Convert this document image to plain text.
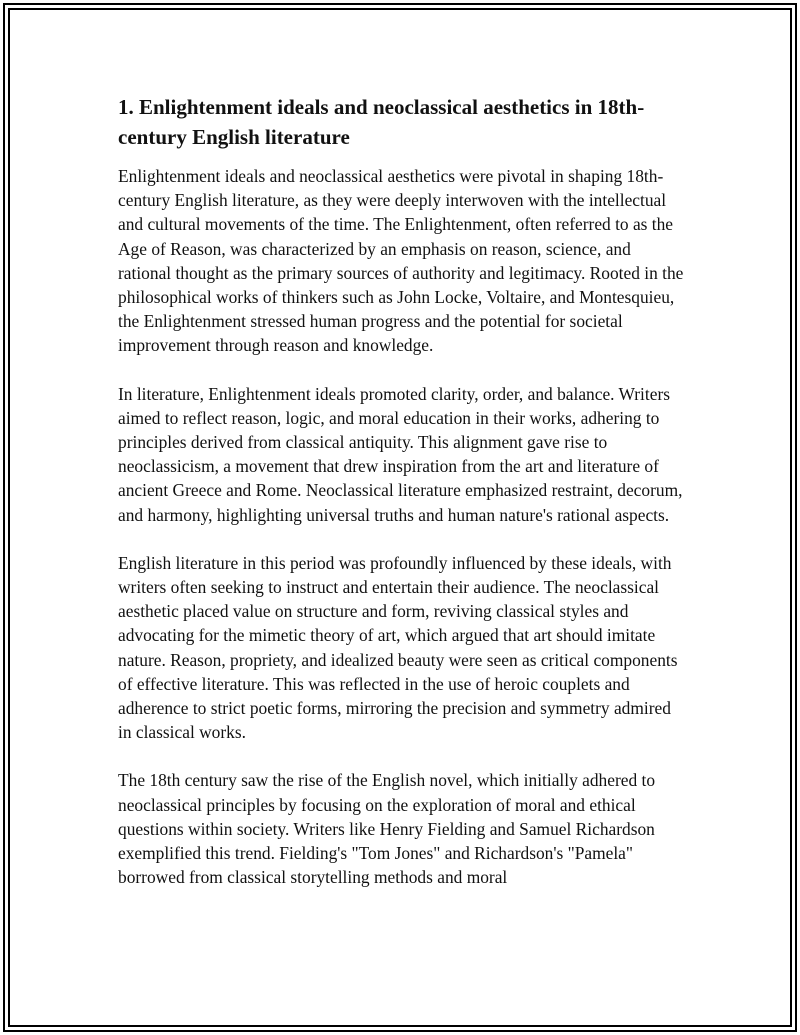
1. Enlightenment ideals and neoclassical aesthetics in 18th-century English literature

Enlightenment ideals and neoclassical aesthetics were pivotal in shaping 18th-century English literature, as they were deeply interwoven with the intellectual and cultural movements of the time. The Enlightenment, often referred to as the Age of Reason, was characterized by an emphasis on reason, science, and rational thought as the primary sources of authority and legitimacy. Rooted in the philosophical works of thinkers such as John Locke, Voltaire, and Montesquieu, the Enlightenment stressed human progress and the potential for societal improvement through reason and knowledge.

In literature, Enlightenment ideals promoted clarity, order, and balance. Writers aimed to reflect reason, logic, and moral education in their works, adhering to principles derived from classical antiquity. This alignment gave rise to neoclassicism, a movement that drew inspiration from the art and literature of ancient Greece and Rome. Neoclassical literature emphasized restraint, decorum, and harmony, highlighting universal truths and human nature's rational aspects.

English literature in this period was profoundly influenced by these ideals, with writers often seeking to instruct and entertain their audience. The neoclassical aesthetic placed value on structure and form, reviving classical styles and advocating for the mimetic theory of art, which argued that art should imitate nature. Reason, propriety, and idealized beauty were seen as critical components of effective literature. This was reflected in the use of heroic couplets and adherence to strict poetic forms, mirroring the precision and symmetry admired in classical works.

The 18th century saw the rise of the English novel, which initially adhered to neoclassical principles by focusing on the exploration of moral and ethical questions within society. Writers like Henry Fielding and Samuel Richardson exemplified this trend. Fielding's "Tom Jones" and Richardson's "Pamela" borrowed from classical storytelling methods and moral
